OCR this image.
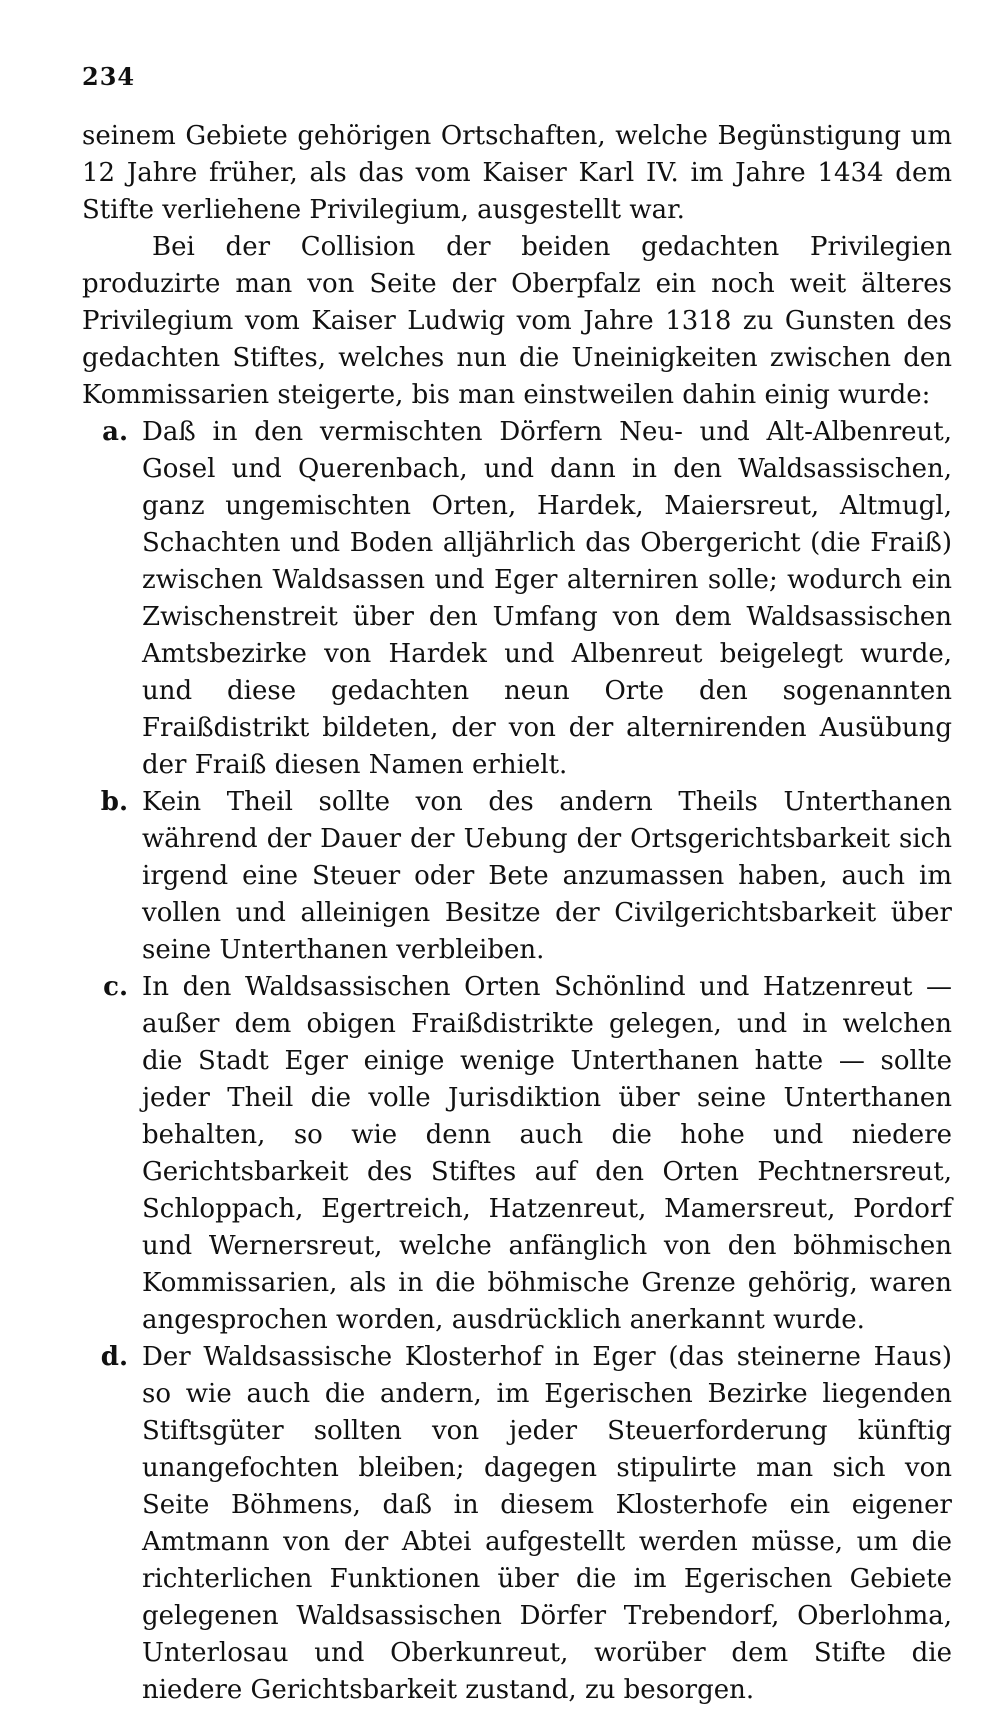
234

seinem Gebiete gehörigen Ortschaften, welche Begünstigung um 12 Jahre früher, als das vom Kaiser Karl IV. im Jahre 1434 dem Stifte verliehene Privilegium, ausgestellt war.

Bei der Collision der beiden gedachten Privilegien produzirte man von Seite der Oberpfalz ein noch weit älteres Privilegium vom Kaiser Ludwig vom Jahre 1318 zu Gunsten des gedachten Stiftes, welches nun die Uneinigkeiten zwischen den Kommissarien steigerte, bis man einstweilen dahin einig wurde:

a. Daß in den vermischten Dörfern Neu- und Alt-Albenreut, Gosel und Querenbach, und dann in den Waldsassischen, ganz ungemischten Orten, Hardek, Maiersreut, Altmugl, Schachten und Boden alljährlich das Obergericht (die Fraiß) zwischen Waldsassen und Eger alterniren solle; wodurch ein Zwischenstreit über den Umfang von dem Waldsassischen Amtsbezirke von Hardek und Albenreut beigelegt wurde, und diese gedachten neun Orte den sogenannten Fraißdistrikt bildeten, der von der alternirenden Ausübung der Fraiß diesen Namen erhielt.

b. Kein Theil sollte von des andern Theils Unterthanen während der Dauer der Uebung der Ortsgerichtsbarkeit sich irgend eine Steuer oder Bete anzumassen haben, auch im vollen und alleinigen Besitze der Civilgerichtsbarkeit über seine Unterthanen verbleiben.

c. In den Waldsassischen Orten Schönlind und Hatzenreut — außer dem obigen Fraißdistrikte gelegen, und in welchen die Stadt Eger einige wenige Unterthanen hatte — sollte jeder Theil die volle Jurisdiktion über seine Unterthanen behalten, so wie denn auch die hohe und niedere Gerichtsbarkeit des Stiftes auf den Orten Pechtnersreut, Schloppach, Egertreich, Hatzenreut, Mamersreut, Pordorf und Wernersreut, welche anfänglich von den böhmischen Kommissarien, als in die böhmische Grenze gehörig, waren angesprochen worden, ausdrücklich anerkannt wurde.

d. Der Waldsassische Klosterhof in Eger (das steinerne Haus) so wie auch die andern, im Egerischen Bezirke liegenden Stiftsgüter sollten von jeder Steuerforderung künftig unangefochten bleiben; dagegen stipulirte man sich von Seite Böhmens, daß in diesem Klosterhofe ein eigener Amtmann von der Abtei aufgestellt werden müsse, um die richterlichen Funktionen über die im Egerischen Gebiete gelegenen Waldsassischen Dörfer Trebendorf, Oberlohma, Unterlosau und Oberkunreut, worüber dem Stifte die niedere Gerichtsbarkeit zustand, zu besorgen.
